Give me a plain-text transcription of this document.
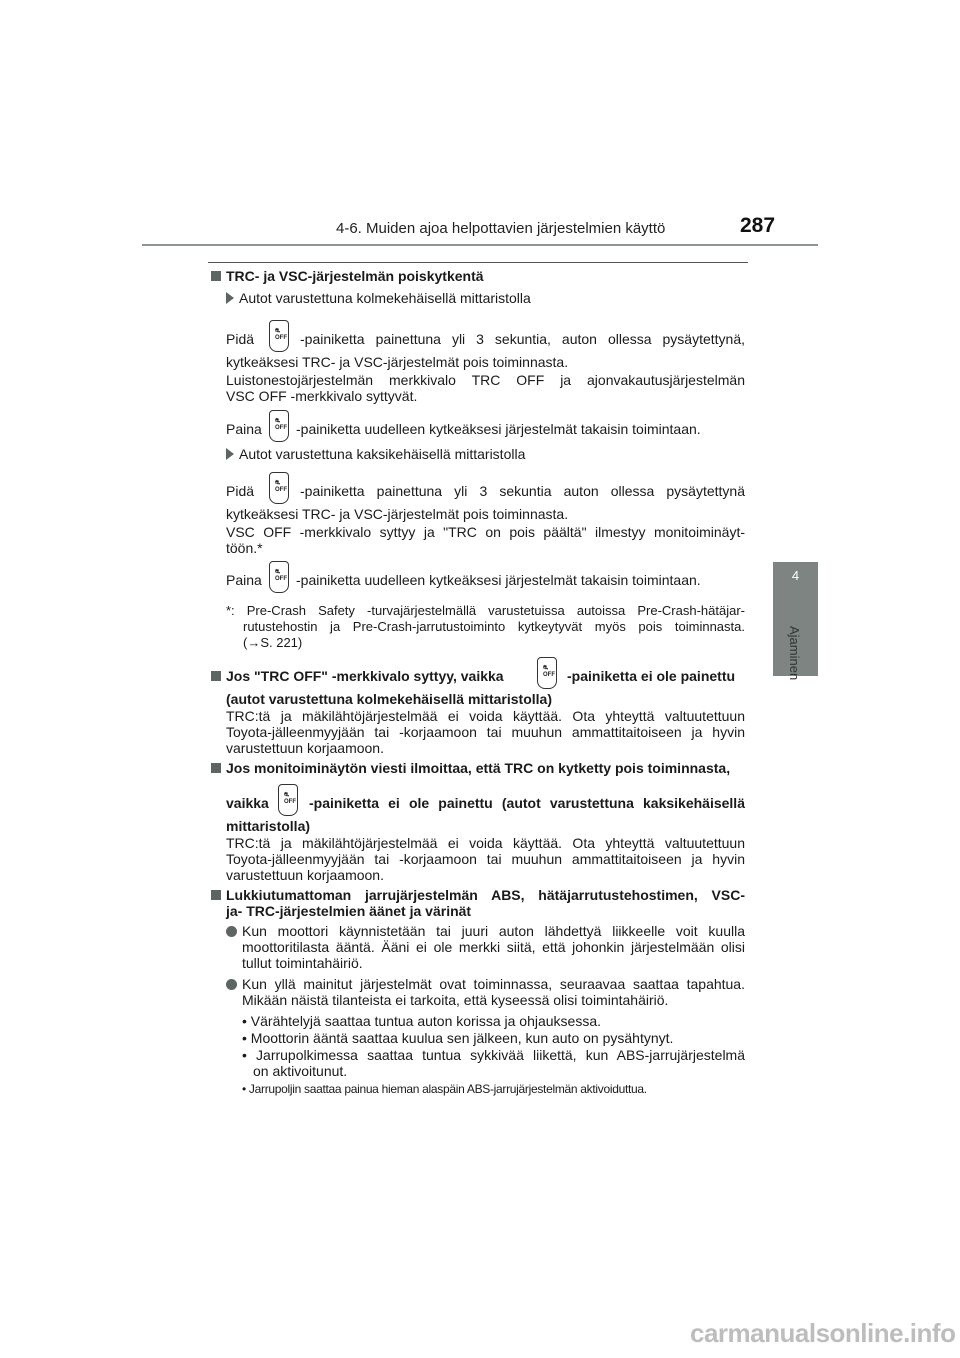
4-6. Muiden ajoa helpottavien järjestelmien käyttö	287
4
Ajaminen
TRC- ja VSC-järjestelmän poiskytkentä
Autot varustettuna kolmekehäisellä mittaristolla
Pidä	⛐
OFF -painiketta painettuna yli 3 sekuntia, auton ollessa pysäytettynä,
kytkeäksesi TRC- ja VSC-järjestelmät pois toiminnasta.
Luistonestojärjestelmän merkkivalo TRC OFF ja ajonvakautusjärjestelmän
VSC OFF -merkkivalo syttyvät.
Paina ⛐
OFF -painiketta uudelleen kytkeäksesi järjestelmät takaisin toimintaan.
Autot varustettuna kaksikehäisellä mittaristolla
Pidä	⛐
OFF -painiketta painettuna yli 3 sekuntia auton ollessa pysäytettynä
kytkeäksesi TRC- ja VSC-järjestelmät pois toiminnasta.
VSC OFF -merkkivalo syttyy ja "TRC on pois päältä" ilmestyy monitoiminäyt-
töön.*
Paina ⛐
OFF -painiketta uudelleen kytkeäksesi järjestelmät takaisin toimintaan.
*: Pre-Crash Safety -turvajärjestelmällä varustetuissa autoissa Pre-Crash-hätäjar-
rutustehostin ja Pre-Crash-jarrutustoiminto kytkeytyvät myös pois toiminnasta.
(→S. 221)
Jos "TRC OFF" -merkkivalo syttyy, vaikka	⛐
OFF -painiketta ei ole painettu
(autot varustettuna kolmekehäisellä mittaristolla)
TRC:tä ja mäkilähtöjärjestelmää ei voida käyttää. Ota yhteyttä valtuutettuun
Toyota-jälleenmyyjään tai -korjaamoon tai muuhun ammattitaitoiseen ja hyvin
varustettuun korjaamoon.
Jos monitoiminäytön viesti ilmoittaa, että TRC on kytketty pois toiminnasta,
vaikka	⛐
OFF -painiketta ei ole painettu (autot varustettuna kaksikehäisellä
mittaristolla)
TRC:tä ja mäkilähtöjärjestelmää ei voida käyttää. Ota yhteyttä valtuutettuun
Toyota-jälleenmyyjään tai -korjaamoon tai muuhun ammattitaitoiseen ja hyvin
varustettuun korjaamoon.
Lukkiutumattoman jarrujärjestelmän ABS, hätäjarrutustehostimen, VSC-
ja- TRC-järjestelmien äänet ja värinät
Kun moottori käynnistetään tai juuri auton lähdettyä liikkeelle voit kuulla
moottoritilasta ääntä. Ääni ei ole merkki siitä, että johonkin järjestelmään olisi
tullut toimintahäiriö.
Kun yllä mainitut järjestelmät ovat toiminnassa, seuraavaa saattaa tapahtua.
Mikään näistä tilanteista ei tarkoita, että kyseessä olisi toimintahäiriö.
• Värähtelyjä saattaa tuntua auton korissa ja ohjauksessa.
• Moottorin ääntä saattaa kuulua sen jälkeen, kun auto on pysähtynyt.
• Jarrupolkimessa saattaa tuntua sykkivää liikettä, kun ABS-jarrujärjestelmä
on aktivoitunut.
• Jarrupoljin saattaa painua hieman alaspäin ABS-jarrujärjestelmän aktivoiduttua.
carmanualsonline.info
